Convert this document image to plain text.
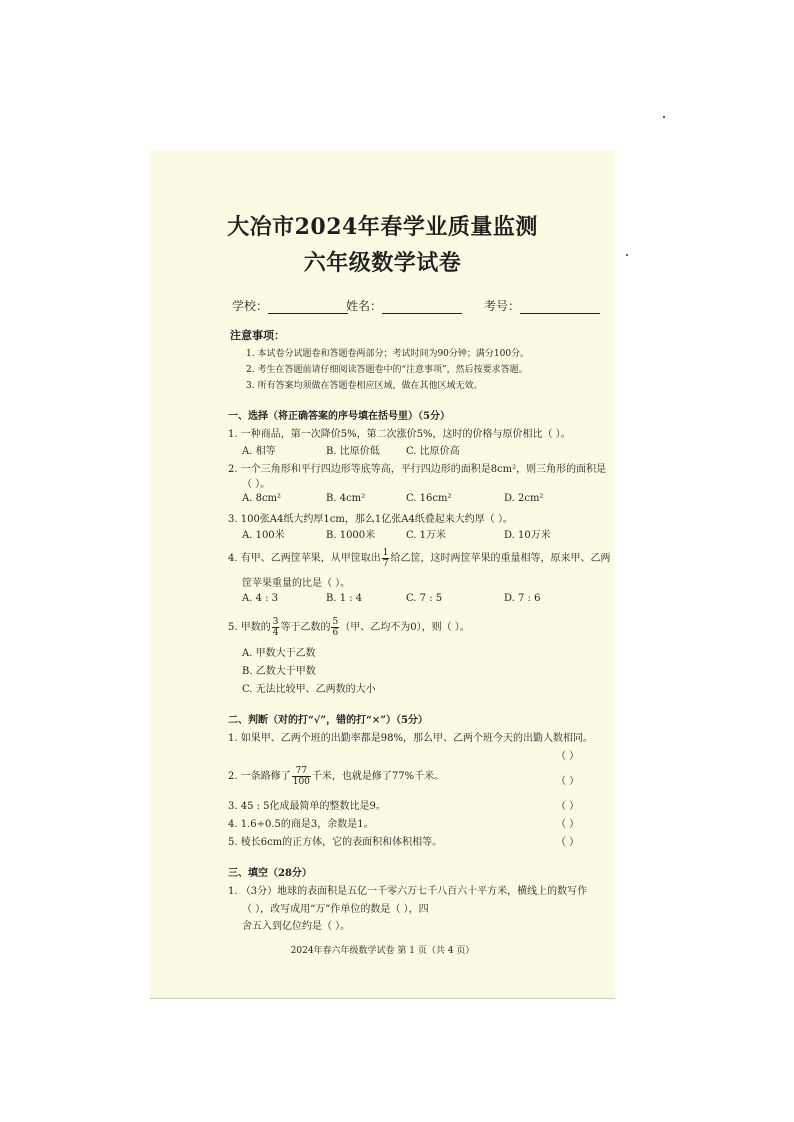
大冶市2024年春学业质量监测
六年级数学试卷
学校：	姓名：	考号：
注意事项：
1. 本试卷分试题卷和答题卷两部分；考试时间为90分钟；满分100分。
2. 考生在答题前请仔细阅读答题卷中的“注意事项”，然后按要求答题。
3. 所有答案均须做在答题卷相应区域，做在其他区域无效。
一、选择（将正确答案的序号填在括号里）（5分）
1. 一种商品，第一次降价5%，第二次涨价5%，这时的价格与原价相比（ ）。
A. 相等	B. 比原价低	C. 比原价高
2. 一个三角形和平行四边形等底等高，平行四边形的面积是8cm²，则三角形的面积是
（ ）。
A. 8cm²	B. 4cm²	C. 16cm²	D. 2cm²
3. 100张A4纸大约厚1cm，那么1亿张A4纸叠起来大约厚（ ）。
A. 100米	B. 1000米	C. 1万米	D. 10万米
4. 有甲、乙两筐苹果，从甲筐取出 $\frac{1}{7}$ 给乙筐，这时两筐苹果的重量相等，原来甲、乙两
筐苹果重量的比是（ ）。
A. 4 : 3	B. 1 : 4	C. 7 : 5	D. 7 : 6
5. 甲数的 $\frac{3}{4}$ 等于乙数的 $\frac{5}{6}$ （甲、乙均不为0），则（ ）。
A. 甲数大于乙数
B. 乙数大于甲数
C. 无法比较甲、乙两数的大小
二、判断（对的打“√”，错的打“×”）（5分）
1. 如果甲、乙两个班的出勤率都是98%，那么甲、乙两个班今天的出勤人数相同。
（ ）
2. 一条路修了 $\frac{77}{100}$ 千米，也就是修了77%千米。	（ ）
3. 45 : 5化成最简单的整数比是9。	（ ）
4. 1.6÷0.5的商是3，余数是1。	（ ）
5. 棱长6cm的正方体，它的表面积和体积相等。	（ ）
三、填空（28分）
1. （3分）地球的表面积是五亿一千零六万七千八百六十平方米，横线上的数写作
（ ），改写成用“万”作单位的数是（ ），四
舍五入到亿位约是（ ）。
2024年春六年级数学试卷 第 1 页（共 4 页）
